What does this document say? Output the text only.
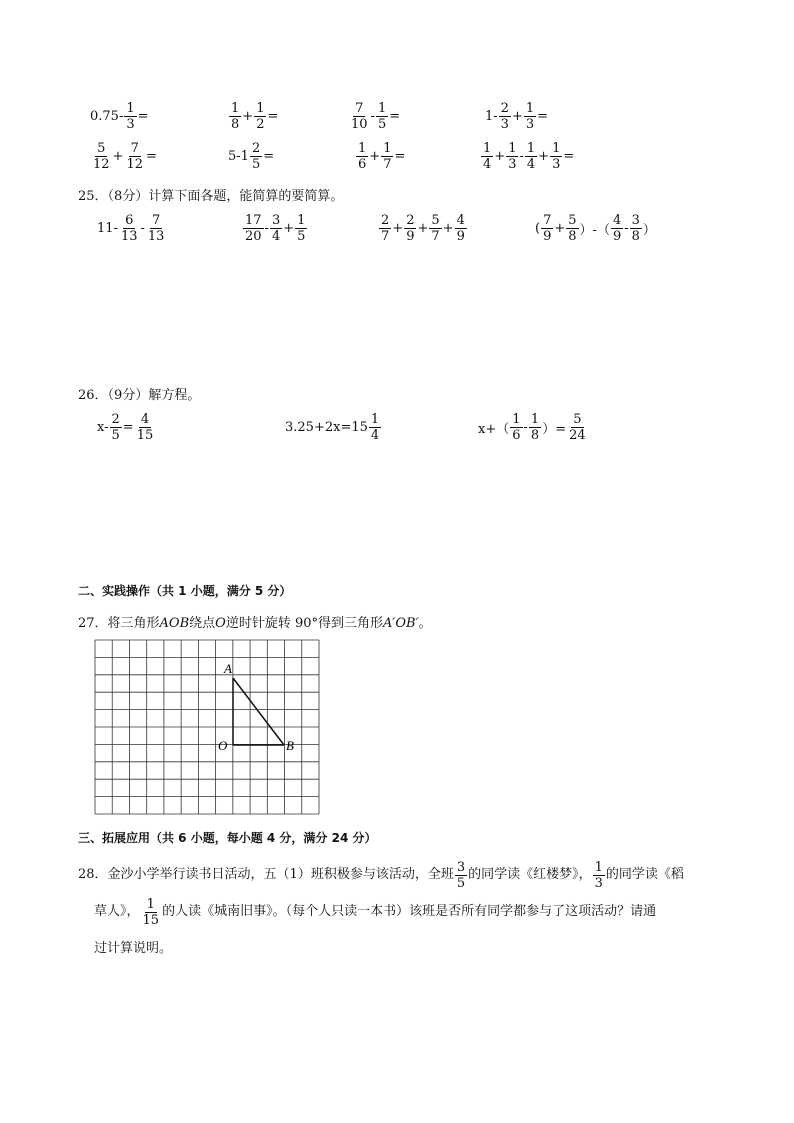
$0.75- \frac{1}{3}$ =	$\frac{1}{8} + \frac{1}{2}$ =	$\frac{7}{10} - \frac{1}{5}$ =	$1- \frac{2}{3} + \frac{1}{3}$ =
$\frac{5}{12} + \frac{7}{12}$ =	$5-1 \frac{2}{5}$ =	$\frac{1}{6} + \frac{1}{7}$ =	$\frac{1}{4} + \frac{1}{3} - \frac{1}{4} + \frac{1}{3}$ =
25．（8分）计算下面各题，能简算的要简算。
$11- \frac{6}{13} - \frac{7}{13}$	$\frac{17}{20} - \frac{3}{4} + \frac{1}{5}$	$\frac{2}{7} + \frac{2}{9} + \frac{5}{7} + \frac{4}{9}$	( $\frac{7}{9} + \frac{5}{8}$ ）-（ $\frac{4}{9} - \frac{3}{8}$ ）
26．（9分）解方程。
$x- \frac{2}{5} = \frac{4}{15}$	$3.25+2x=15 \frac{1}{4}$	$x+( \frac{1}{6} - \frac{1}{8}$ ）= $\frac{5}{24}$
二、实践操作（共 1 小题，满分 5 分）
27．将三角形AOB绕点O逆时针旋转 90°得到三角形A′OB′。
A
O	B
三、拓展应用（共 6 小题，每小题 4 分，满分 24 分）
28．金沙小学举行读书日活动，五（1）班积极参与该活动，全班 $\frac{3}{5}$ 的同学读《红楼梦》， $\frac{1}{3}$ 的同学读《稻
草人》， $\frac{1}{15}$ 的人读《城南旧事》。（每个人只读一本书）该班是否所有同学都参与了这项活动？请通
过计算说明。
